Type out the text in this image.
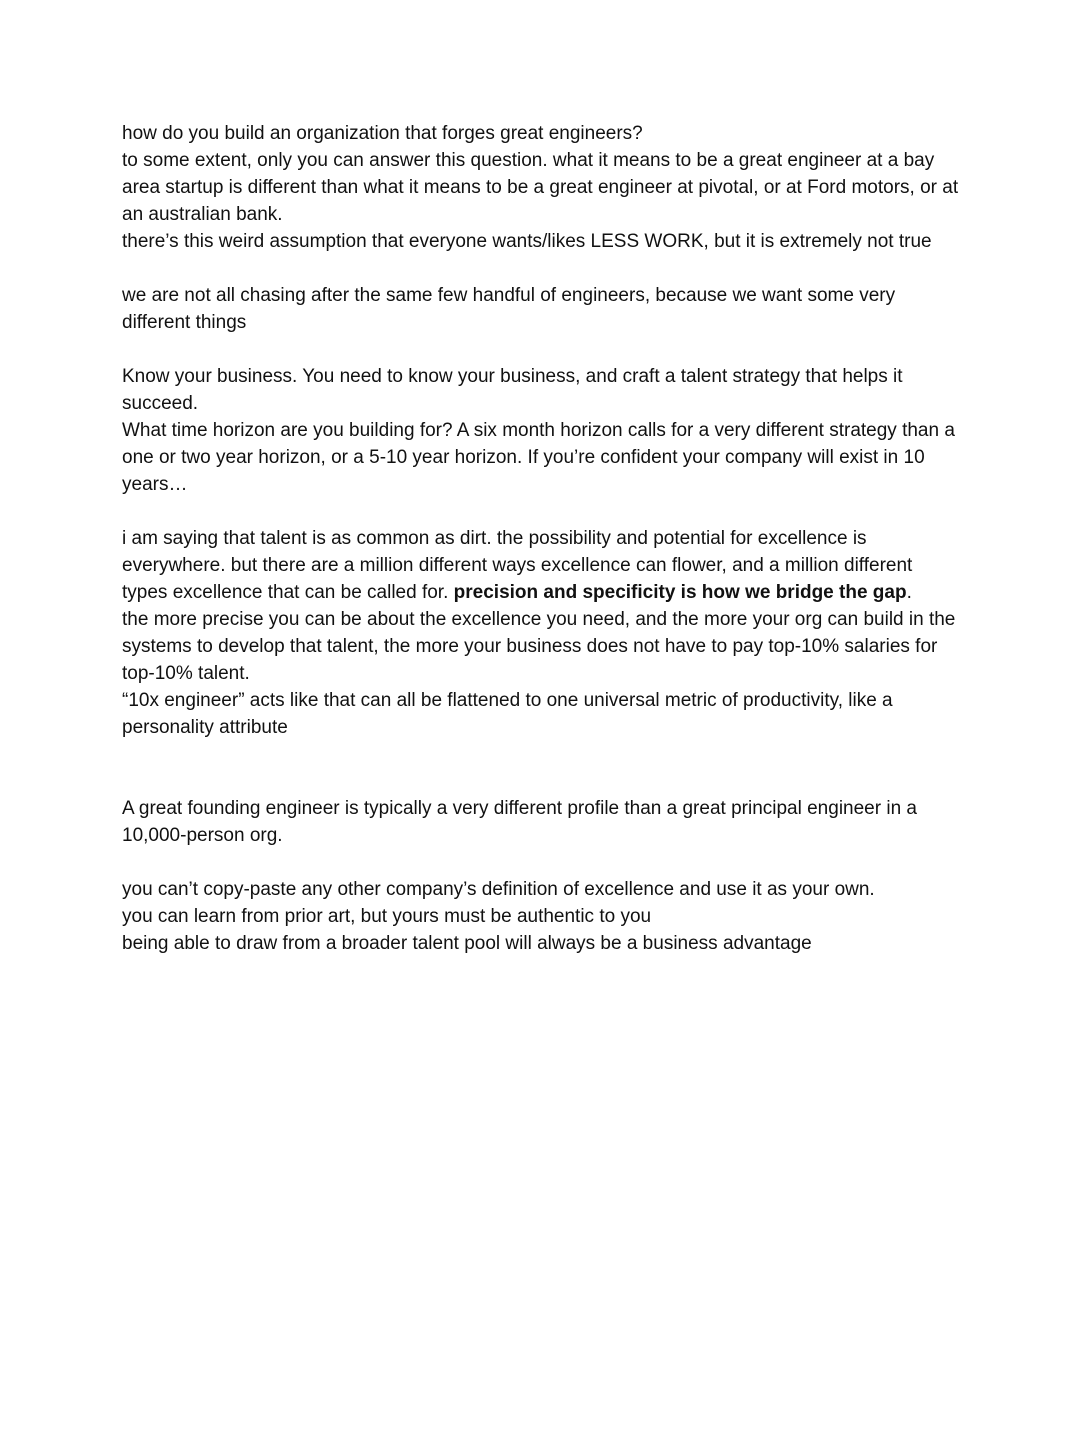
how do you build an organization that forges great engineers?

to some extent, only you can answer this question. what it means to be a great engineer at a bay area startup is different than what it means to be a great engineer at pivotal, or at Ford motors, or at an australian bank.

there’s this weird assumption that everyone wants/likes LESS WORK, but it is extremely not true

we are not all chasing after the same few handful of engineers, because we want some very different things

Know your business. You need to know your business, and craft a talent strategy that helps it succeed.

What time horizon are you building for? A six month horizon calls for a very different strategy than a one or two year horizon, or a 5-10 year horizon. If you’re confident your company will exist in 10 years…

i am saying that talent is as common as dirt. the possibility and potential for excellence is everywhere. but there are a million different ways excellence can flower, and a million different types excellence that can be called for. precision and specificity is how we bridge the gap.

the more precise you can be about the excellence you need, and the more your org can build in the systems to develop that talent, the more your business does not have to pay top-10% salaries for top-10% talent.

“10x engineer” acts like that can all be flattened to one universal metric of productivity, like a personality attribute

A great founding engineer is typically a very different profile than a great principal engineer in a 10,000-person org.

you can’t copy-paste any other company’s definition of excellence and use it as your own.

you can learn from prior art, but yours must be authentic to you

being able to draw from a broader talent pool will always be a business advantage
